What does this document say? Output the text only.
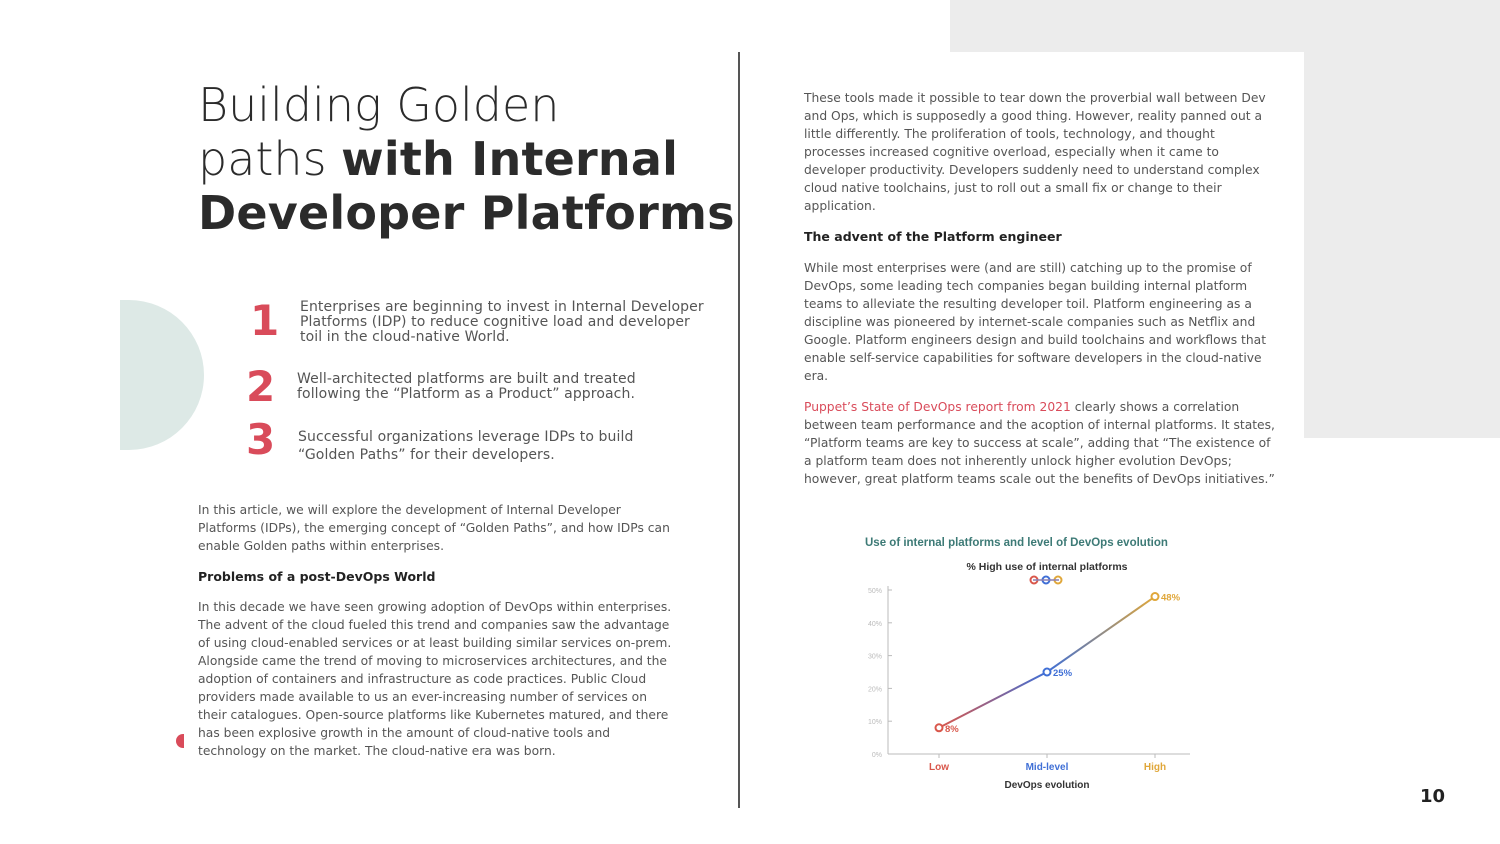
Building Golden
paths with Internal
Developer Platforms
1 Enterprises are beginning to invest in Internal Developer Platforms (IDP) to reduce cognitive load and developer toil in the cloud-native World.
2 Well-architected platforms are built and treated following the “Platform as a Product” approach.
3 Successful organizations leverage IDPs to build “Golden Paths” for their developers.

In this article, we will explore the development of Internal Developer Platforms (IDPs), the emerging concept of “Golden Paths”, and how IDPs can enable Golden paths within enterprises.

Problems of a post-DevOps World

In this decade we have seen growing adoption of DevOps within enterprises. The advent of the cloud fueled this trend and companies saw the advantage of using cloud-enabled services or at least building similar services on-prem. Alongside came the trend of moving to microservices architectures, and the adoption of containers and infrastructure as code practices. Public Cloud providers made available to us an ever-increasing number of services on their catalogues. Open-source platforms like Kubernetes matured, and there has been explosive growth in the amount of cloud-native tools and technology on the market. The cloud-native era was born.

These tools made it possible to tear down the proverbial wall between Dev and Ops, which is supposedly a good thing. However, reality panned out a little differently. The proliferation of tools, technology, and thought processes increased cognitive overload, especially when it came to developer productivity. Developers suddenly need to understand complex cloud native toolchains, just to roll out a small fix or change to their application.

The advent of the Platform engineer

While most enterprises were (and are still) catching up to the promise of DevOps, some leading tech companies began building internal platform teams to alleviate the resulting developer toil. Platform engineering as a discipline was pioneered by internet-scale companies such as Netflix and Google. Platform engineers design and build toolchains and workflows that enable self-service capabilities for software developers in the cloud-native era.

Puppet’s State of DevOps report from 2021 clearly shows a correlation between team performance and the acoption of internal platforms. It states, “Platform teams are key to success at scale”, adding that “The existence of a platform team does not inherently unlock higher evolution DevOps; however, great platform teams scale out the benefits of DevOps initiatives.”

Use of internal platforms and level of DevOps evolution
% High use of internal platforms
0%
10%
20%
30%
40%
50%
8%
Low
25%
Mid-level
48%
High
DevOps evolution
10
